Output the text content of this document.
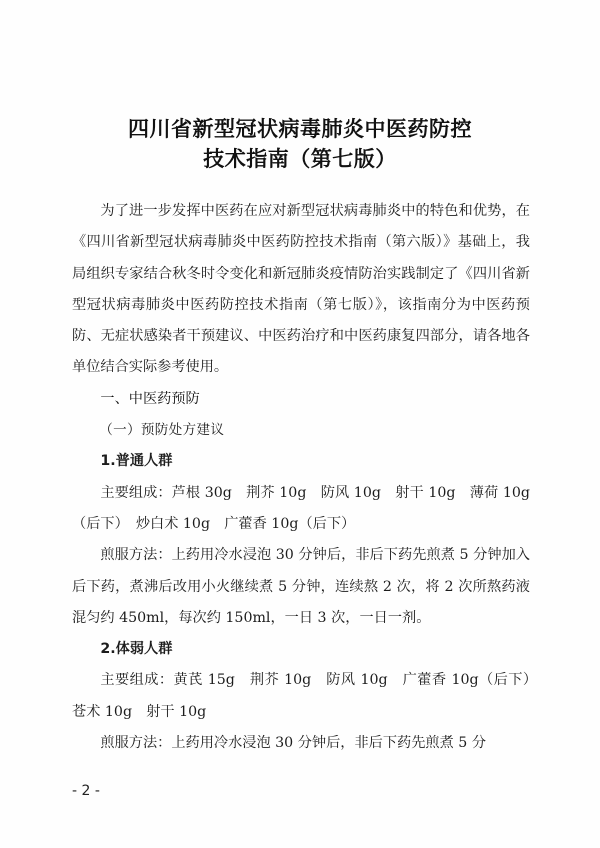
四川省新型冠状病毒肺炎中医药防控
技术指南（第七版）

为了进一步发挥中医药在应对新型冠状病毒肺炎中的特色和优势，在《四川省新型冠状病毒肺炎中医药防控技术指南（第六版）》基础上，我局组织专家结合秋冬时令变化和新冠肺炎疫情防治实践制定了《四川省新型冠状病毒肺炎中医药防控技术指南（第七版）》，该指南分为中医药预防、无症状感染者干预建议、中医药治疗和中医药康复四部分，请各地各单位结合实际参考使用。

一、中医药预防

（一）预防处方建议

1.普通人群

主要组成：芦根 30g　荆芥 10g　防风 10g　射干 10g　薄荷 10g（后下）　炒白术 10g　广藿香 10g（后下）

煎服方法：上药用冷水浸泡 30 分钟后，非后下药先煎煮 5 分钟加入后下药，煮沸后改用小火继续煮 5 分钟，连续熬 2 次，将 2 次所熬药液混匀约 450ml，每次约 150ml，一日 3 次，一日一剂。

2.体弱人群

主要组成：黄芪 15g　荆芥 10g　防风 10g　广藿香 10g（后下）　苍术 10g　射干 10g

煎服方法：上药用冷水浸泡 30 分钟后，非后下药先煎煮 5 分

- 2 -
